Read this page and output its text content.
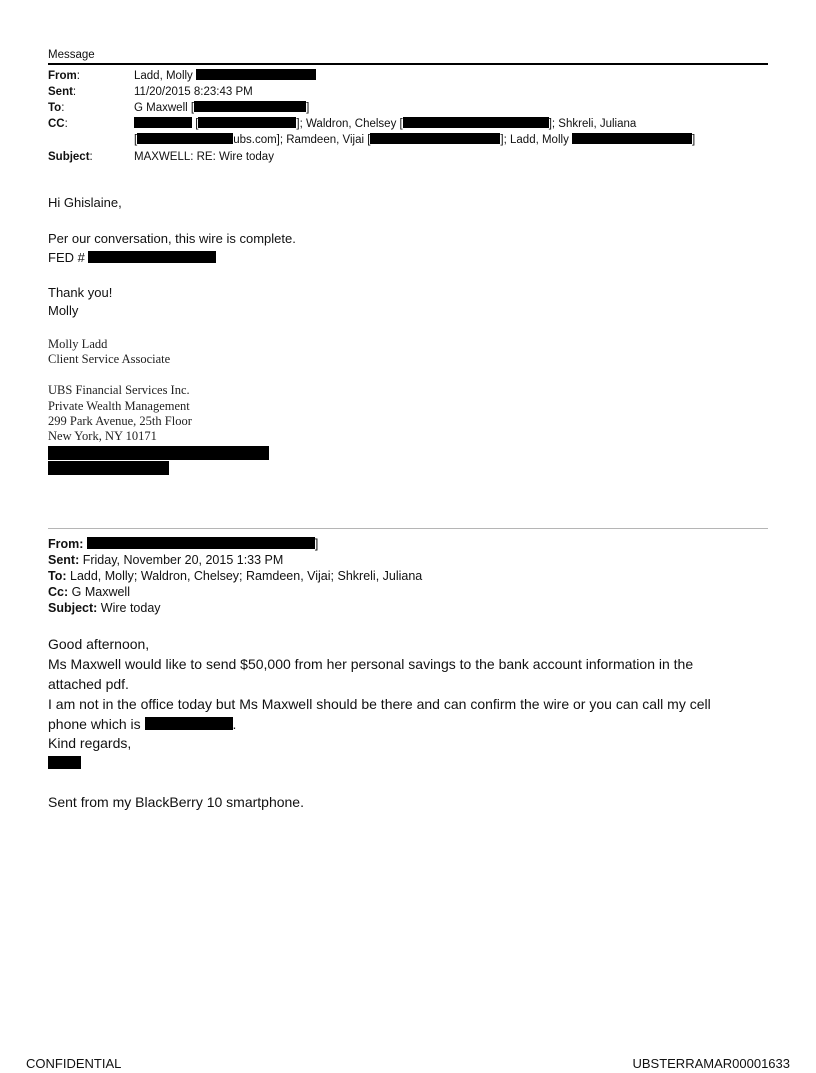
Message
From:	Ladd, Molly
Sent:	11/20/2015 8:23:43 PM
To:	G Maxwell [	]
CC:	[	]; Waldron, Chelsey [	]; Shkreli, Juliana
[	ubs.com]; Ramdeen, Vijai [	]; Ladd, Molly	]
Subject:	MAXWELL: RE: Wire today
Hi Ghislaine,
Per our conversation, this wire is complete.
FED #
Thank you!
Molly
Molly Ladd
Client Service Associate
UBS Financial Services Inc.
Private Wealth Management
299 Park Avenue, 25th Floor
New York, NY 10171
From:	]
Sent: Friday, November 20, 2015 1:33 PM
To: Ladd, Molly; Waldron, Chelsey; Ramdeen, Vijai; Shkreli, Juliana
Cc: G Maxwell
Subject: Wire today
Good afternoon,
Ms Maxwell would like to send $50,000 from her personal savings to the bank account information in the
attached pdf.
I am not in the office today but Ms Maxwell should be there and can confirm the wire or you can call my cell
phone which is	.
Kind regards,
Sent from my BlackBerry 10 smartphone.
CONFIDENTIAL	UBSTERRAMAR00001633
